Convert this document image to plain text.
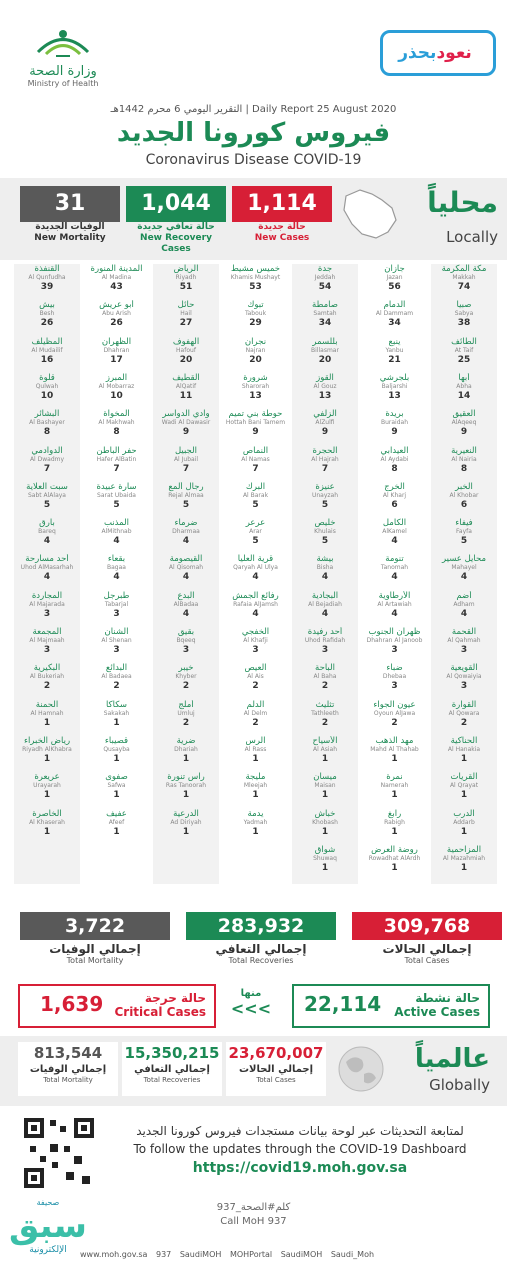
وزارة الصحة
Ministry of Health
بحذر نعود
التقرير اليومي 6 محرم 1442هـ | Daily Report 25 August 2020
فيروس كورونا الجديد
Coronavirus Disease COVID-19
31
الوفيات الجديدة
New Mortality
1,044
حالة تعافي جديدة
New Recovery Cases
1,114
حالة جديدة
New Cases
محلياً
Locally
مكة المكرمة
Makkah
74
صبيا
Sabya
38
الطائف
At Taif
25
أبها
Abha
14
العقيق
AlAqeeq
9
النعيرية
Al Nairia
8
الخبر
Al Khobar
6
فيفاء
Fayfa
5
محايل عسير
Mahayel
4
أضم
Adham
4
القحمة
Al Qahmah
3
القويعية
Al Qowaiyia
3
القوارة
Al Qowara
2
الحناكية
Al Hanakia
1
القريات
Al Qrayat
1
الدرب
Addarb
1
المزاحمية
Al Mazahmiah
1
جازان
Jazan
56
الدمام
Al Dammam
34
ينبع
Yanbu
21
بلجرشي
Baljarshi
13
بريدة
Buraidah
9
العيدابي
Al Aydabi
8
الخرج
Al Kharj
6
الكامل
AlKamel
4
تنومة
Tanomah
4
الأرطاوية
Al Artawiah
4
ظهران الجنوب
Dhahran Al Janoob
3
ضباء
Dhebaa
3
عيون الجواء
Oyoun AlJawa
2
مهد الذهب
Mahd Al Thahab
1
نمرة
Namerah
1
رابغ
Rabigh
1
روضة العرض
Rowadhat AlArdh
1
جدة
Jeddah
54
صامطة
Samtah
34
بللسمر
Billasmar
20
القوز
Al Gouz
13
الزلفي
AlZulfi
9
الحجرة
Al Hajrah
7
عنيزة
Unayzah
5
خليص
Khulais
5
بيشة
Bisha
4
البجادية
Al Bejadiah
4
أحد رفيدة
Uhod Rafidah
3
الباحة
Al Baha
2
تثليث
Tathleeth
2
الأسياح
Al Asiah
1
ميسان
Maisan
1
خباش
Khobash
1
شواق
Shuwaq
1
خميس مشيط
Khamis Mushayt
53
تبوك
Tabouk
29
نجران
Najran
20
شرورة
Sharorah
13
حوطة بني تميم
Hottah Bani Tamem
9
النماص
Al Namas
7
البرك
Al Barak
5
عرعر
Arar
5
قرية العليا
Qaryah Al Ulya
4
رفائع الجمش
Rafaia AlJamsh
4
الخفجي
Al Khafji
3
العيص
Al Ais
2
الدلم
Al Delm
2
الرس
Al Rass
1
مليجة
Mleejah
1
يدمة
Yadmah
1
الرياض
Riyadh
51
حائل
Hail
27
الهفوف
Hafouf
20
القطيف
AlQatif
11
وادي الدواسر
Wadi Al Dawasir
9
الجبيل
Al Jubail
7
رجال ألمع
Rejal Almaa
5
ضرماء
Dharmaa
4
القيصومة
Al Qisomah
4
البدع
AlBadaa
4
بقيق
Bqeeq
3
خيبر
Khyber
2
أملج
Umluj
2
ضرية
Dhariah
1
راس تنورة
Ras Tanoorah
1
الدرعية
Ad Diriyah
1
المدينة المنورة
Al Madina
43
أبو عريش
Abu Arish
26
الظهران
Dhahran
17
المبرز
Al Mobarraz
10
المخواة
Al Makhwah
8
حفر الباطن
Hafer AlBatin
7
سارة عبيدة
Sarat Ubaida
5
المذنب
AlMithnab
4
بقعاء
Bagaa
4
طبرجل
Tabarjal
3
الشنان
Al Shenan
3
البدائع
Al Badaea
2
سكاكا
Sakakah
1
قصيباء
Qusayba
1
صفوى
Safwa
1
عفيف
Afeef
1
القنفذة
Al Qunfudha
39
بيش
Besh
26
المظيلف
Al Mudailif
16
قلوة
Qulwah
10
البشائر
Al Bashayer
8
الدوادمي
Al Dwadmy
7
سبت العلاية
Sabt AlAlaya
5
بارق
Bareq
4
أحد مسارحة
Uhod AlMasarhah
4
المجاردة
Al Majarada
3
المجمعة
Al Majmaah
3
البكيرية
Al Bukeriah
2
الحمنة
Al Hamnah
1
رياض الخبراء
Riyadh AlKhabra
1
عريعرة
Urayarah
1
الخاصرة
Al Khaserah
1
309,768
إجمالي الحالات
Total Cases
283,932
إجمالي التعافي
Total Recoveries
3,722
إجمالي الوفيات
Total Mortality
22,114	حالة نشطة
Active Cases
منها
<<<
1,639	حالة حرجة
Critical Cases
23,670,007
إجمالي الحالات
Total Cases
15,350,215
إجمالي التعافي
Total Recoveries
813,544
إجمالي الوفيات
Total Mortality
عالمياً
Globally
لمتابعة التحديثات عبر لوحة بيانات مستجدات فيروس كورونا الجديد
To follow the updates through the COVID-19 Dashboard
https://covid19.moh.gov.sa
كلم#الصحة_937
Call MoH 937
صحيفة
سبق
الإلكترونية	www.moh.gov.sa 937 SaudiMOH MOHPortal SaudiMOH Saudi_Moh
